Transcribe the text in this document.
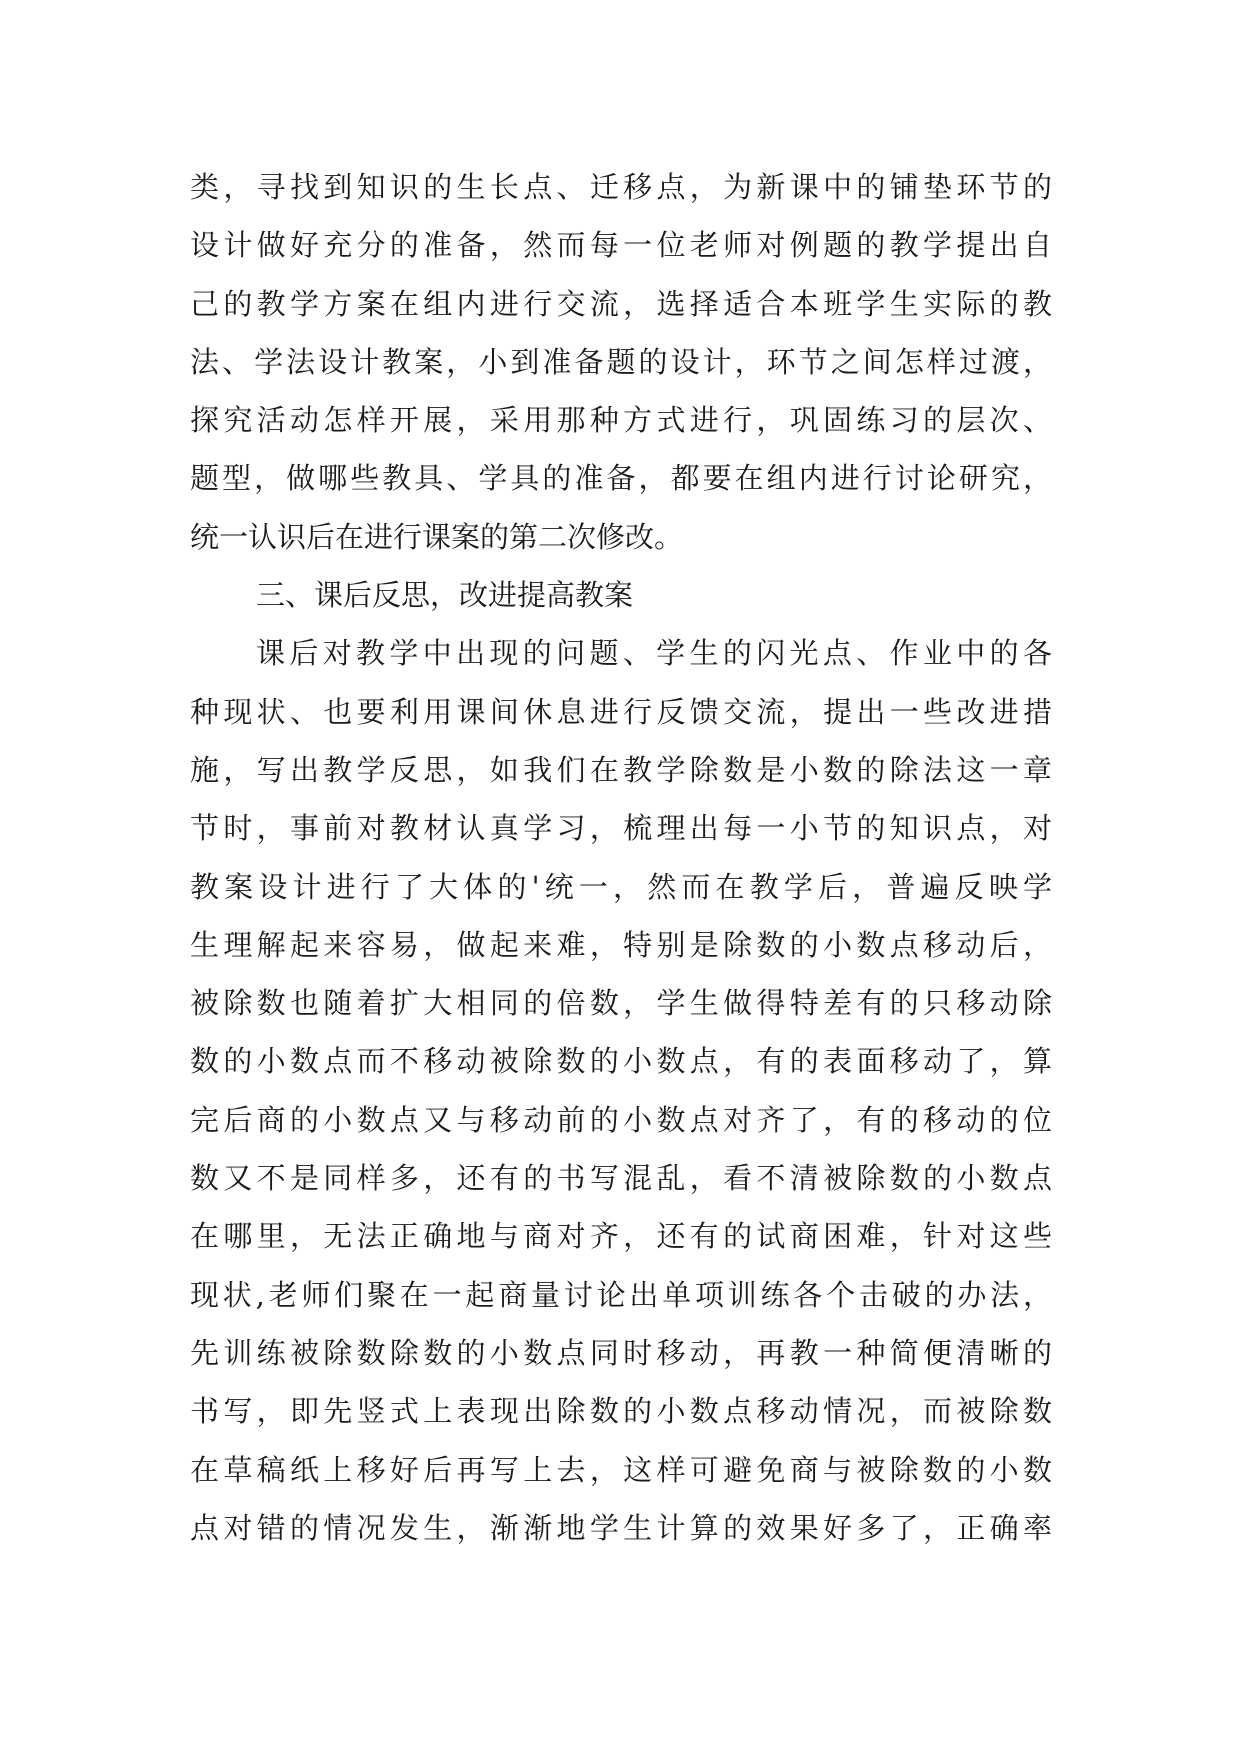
类，寻找到知识的生长点、迁移点，为新课中的铺垫环节的
设计做好充分的准备，然而每一位老师对例题的教学提出自
己的教学方案在组内进行交流，选择适合本班学生实际的教
法、学法设计教案，小到准备题的设计，环节之间怎样过渡，
探究活动怎样开展，采用那种方式进行，巩固练习的层次、
题型，做哪些教具、学具的准备，都要在组内进行讨论研究，
统一认识后在进行课案的第二次修改。
三、课后反思，改进提高教案
课后对教学中出现的问题、学生的闪光点、作业中的各
种现状、也要利用课间休息进行反馈交流，提出一些改进措
施，写出教学反思，如我们在教学除数是小数的除法这一章
节时，事前对教材认真学习，梳理出每一小节的知识点，对
教案设计进行了大体的'统一，然而在教学后，普遍反映学
生理解起来容易，做起来难，特别是除数的小数点移动后，
被除数也随着扩大相同的倍数，学生做得特差有的只移动除
数的小数点而不移动被除数的小数点，有的表面移动了，算
完后商的小数点又与移动前的小数点对齐了，有的移动的位
数又不是同样多，还有的书写混乱，看不清被除数的小数点
在哪里，无法正确地与商对齐，还有的试商困难，针对这些
现状,老师们聚在一起商量讨论出单项训练各个击破的办法，
先训练被除数除数的小数点同时移动，再教一种简便清晰的
书写，即先竖式上表现出除数的小数点移动情况，而被除数
在草稿纸上移好后再写上去，这样可避免商与被除数的小数
点对错的情况发生，渐渐地学生计算的效果好多了，正确率
